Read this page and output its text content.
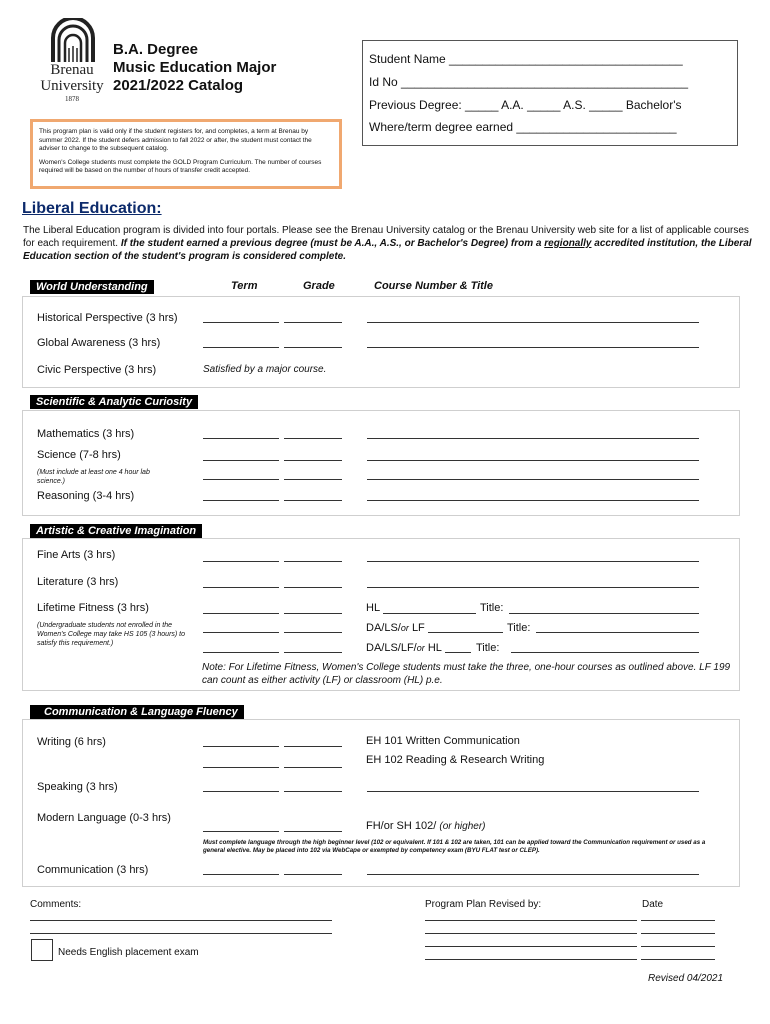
Brenau
University
1878
B.A. Degree
Music Education Major
2021/2022 Catalog
Student Name ___________________________________
Id No ___________________________________________
Previous Degree: _____ A.A. _____ A.S. _____ Bachelor's
Where/term degree earned ________________________

This program plan is valid only if the student registers for, and completes, a term at Brenau by summer 2022. If the student defers admission to fall 2022 or after, the student must contact the adviser to change to the subsequent catalog.

Women's College students must complete the GOLD Program Curriculum. The number of courses required will be based on the number of hours of transfer credit accepted.

Liberal Education:
The Liberal Education program is divided into four portals. Please see the Brenau University catalog or the Brenau University web site for a list of applicable courses for each requirement. If the student earned a previous degree (must be A.A., A.S., or Bachelor's Degree) from a regionally accredited institution, the Liberal Education section of the student's program is considered complete.
World Understanding	Term	Grade	Course Number & Title
Historical Perspective (3 hrs)
Global Awareness (3 hrs)
Civic Perspective (3 hrs)	Satisfied by a major course.
Scientific & Analytic Curiosity
Mathematics (3 hrs)
Science (7-8 hrs)
(Must include at least one 4 hour lab science.)
Reasoning (3-4 hrs)
Artistic & Creative Imagination
Fine Arts (3 hrs)
Literature (3 hrs)
Lifetime Fitness (3 hrs)	HL	Title:
(Undergraduate students not enrolled in the Women's College may take HS 105 (3 hours) to satisfy this requirement.)
DA/LS/or LF	Title:
DA/LS/LF/or HL	Title:
Note: For Lifetime Fitness, Women's College students must take the three, one-hour courses as outlined above. LF 199 can count as either activity (LF) or classroom (HL) p.e.
Communication & Language Fluency
Writing (6 hrs)	EH 101 Written Communication
EH 102 Reading & Research Writing
Speaking (3 hrs)
Modern Language (0-3 hrs)
FH/or SH 102/ (or higher)
Must complete language through the high beginner level (102 or equivalent. If 101 & 102 are taken, 101 can be applied toward the Communication requirement or used as a general elective. May be placed into 102 via WebCape or exempted by competency exam (BYU FLAT test or CLEP).
Communication (3 hrs)
Comments:
Needs English placement exam
Program Plan Revised by:	Date
Revised 04/2021
